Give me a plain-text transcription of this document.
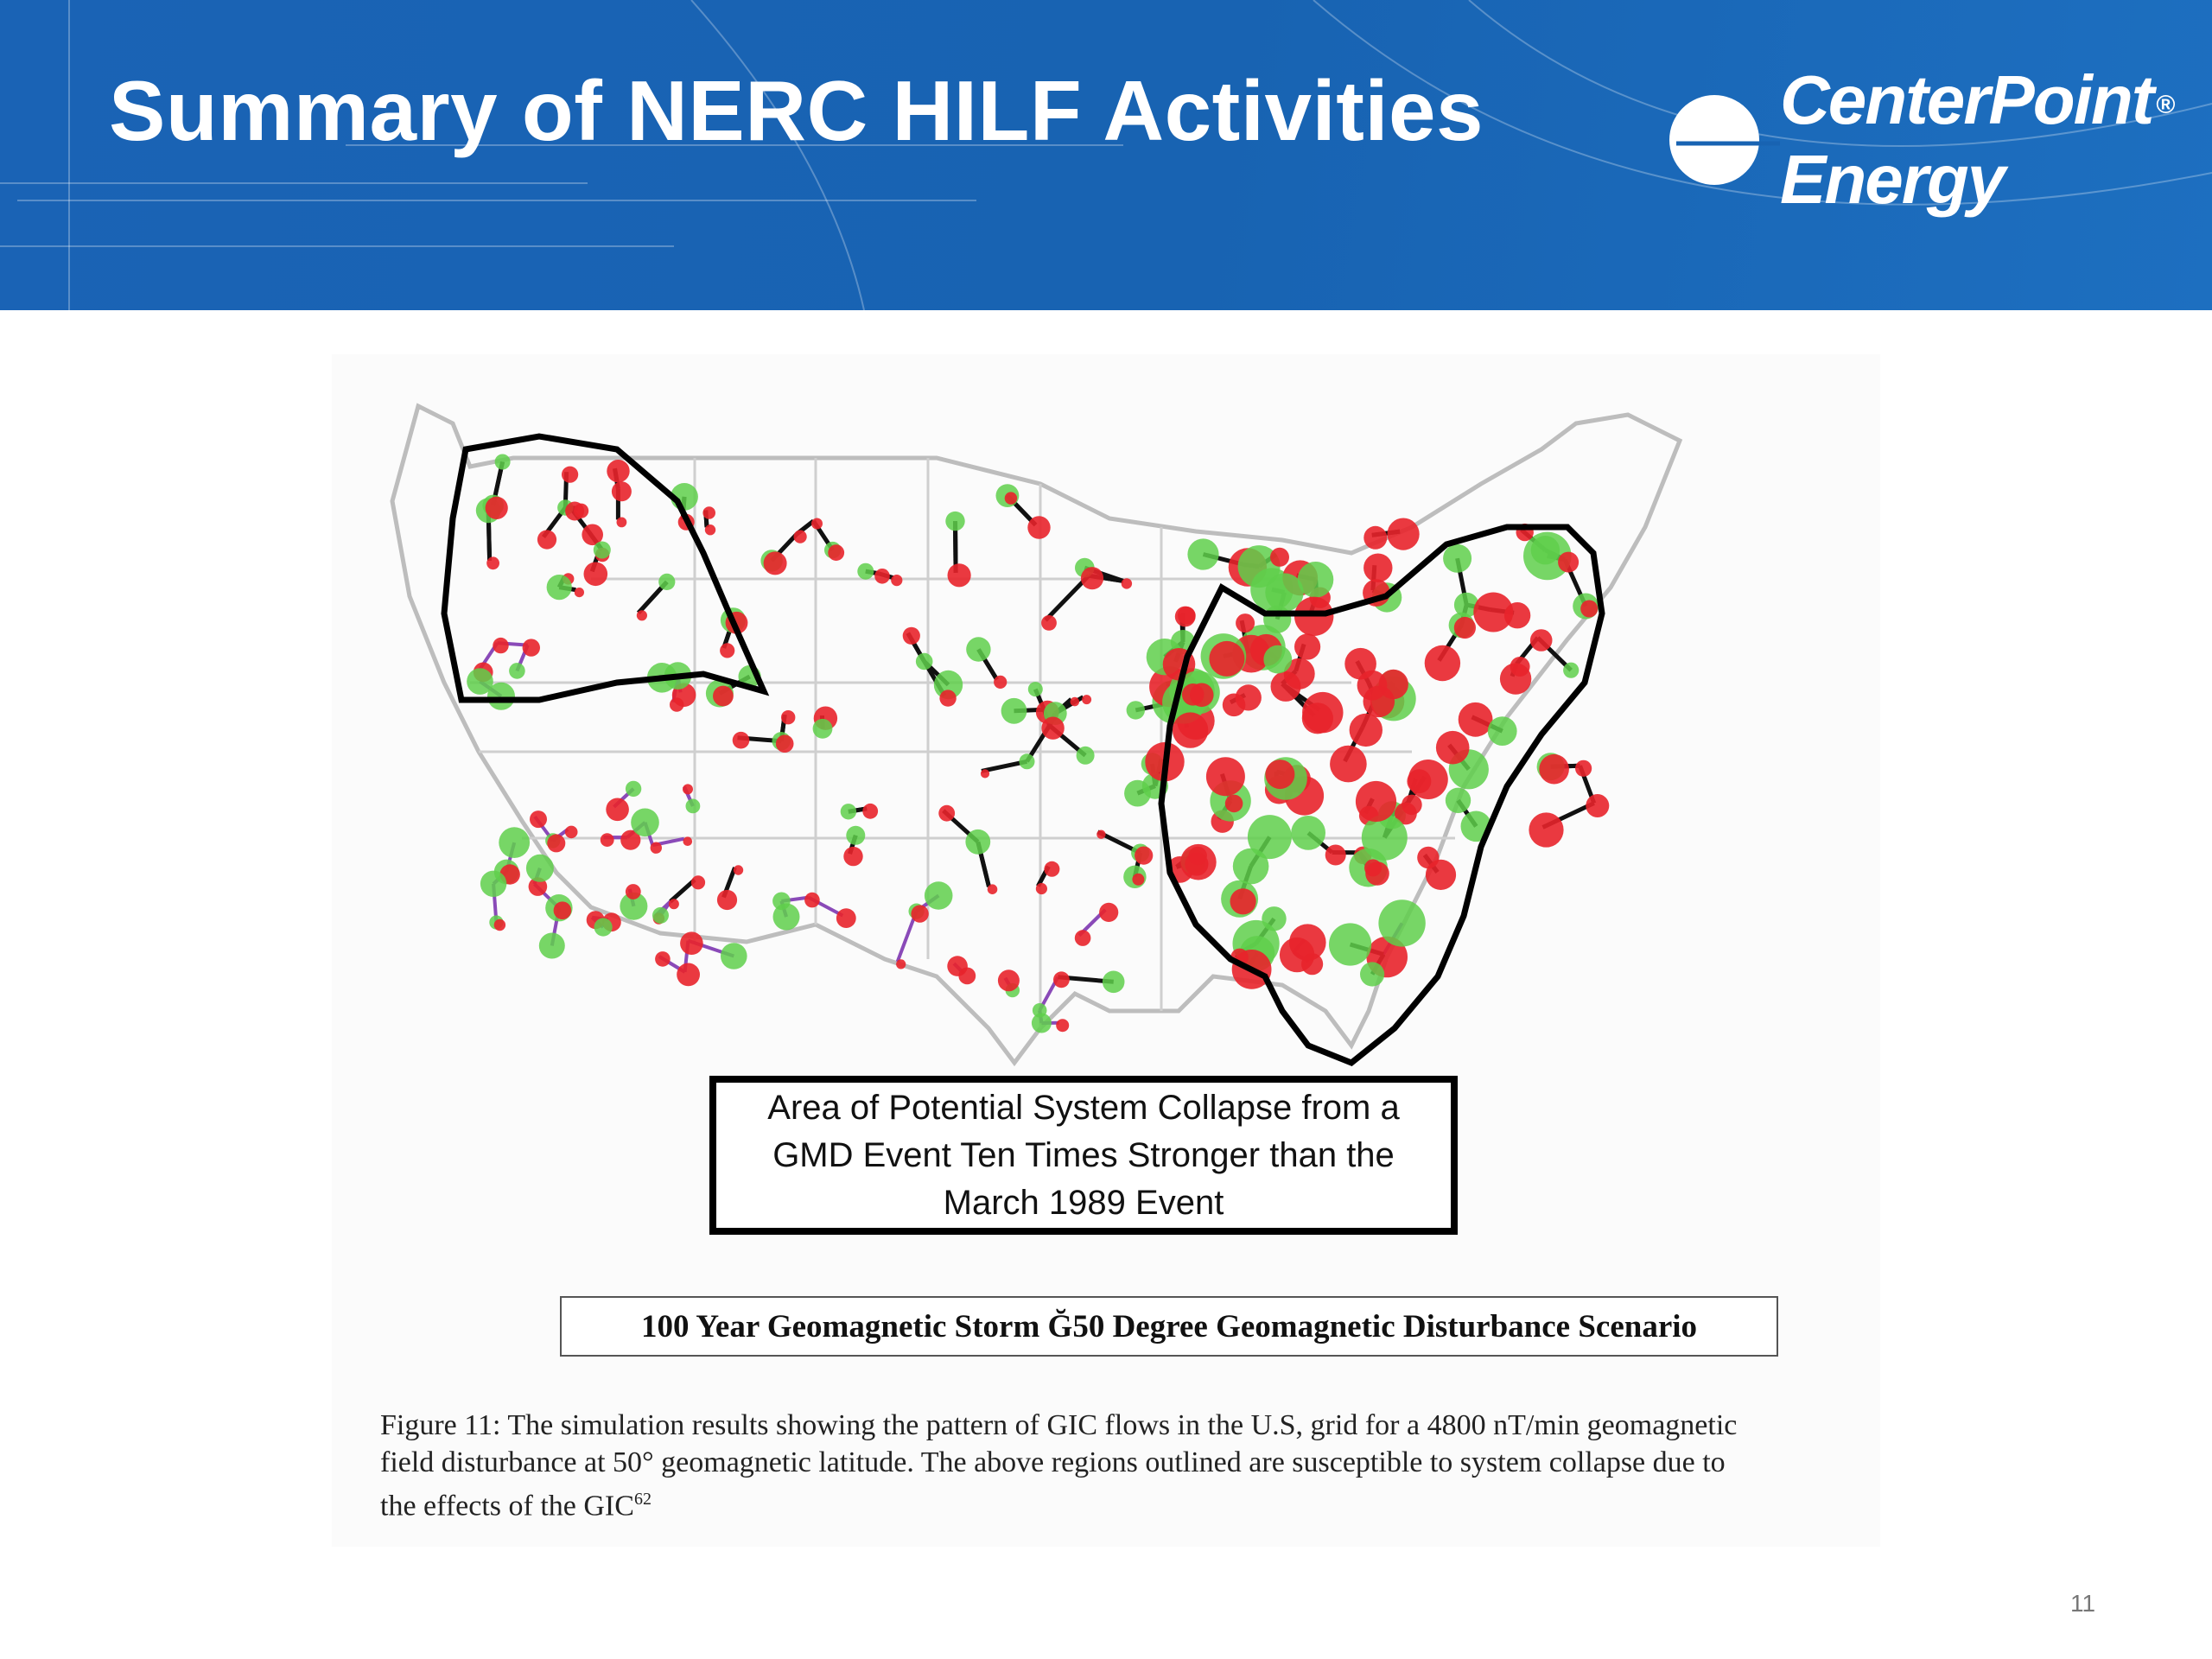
Summary of NERC HILF Activities	CenterPoint ®
Energy
Area of Potential System Collapse from a
GMD Event Ten Times Stronger than the
March 1989 Event
100 Year Geomagnetic Storm Ğ50 Degree Geomagnetic Disturbance Scenario

Figure 11: The simulation results showing the pattern of GIC flows in the U.S, grid for a 4800 nT/min geomagnetic

field disturbance at 50° geomagnetic latitude. The above regions outlined are susceptible to system collapse due to

the effects of the GIC$^{62}$

11
